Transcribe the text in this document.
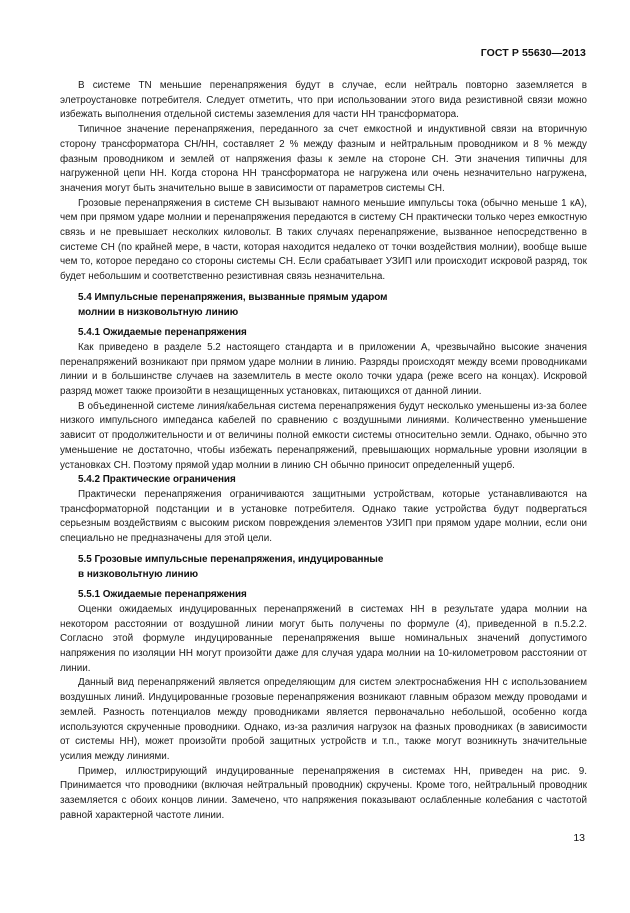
ГОСТ Р 55630—2013

В системе TN меньшие перенапряжения будут в случае, если нейтраль повторно заземляется в элетроустановке потребителя. Следует отметить, что при использовании этого вида резистивной связи можно избежать выполнения отдельной системы заземления для части НН трансформатора.

Типичное значение перенапряжения, переданного за счет емкостной и индуктивной связи на вторичную сторону трансформатора СН/НН, составляет 2 % между фазным и нейтральным проводником и 8 % между фазным проводником и землей от напряжения фазы к земле на стороне СН. Эти значения типичны для нагруженной цепи НН. Когда сторона НН трансформатора не нагружена или очень незначительно нагружена, значения могут быть значительно выше в зависимости от параметров системы СН.

Грозовые перенапряжения в системе СН вызывают намного меньшие импульсы тока (обычно меньше 1 кА), чем при прямом ударе молнии и перенапряжения передаются в систему СН практически только через емкостную связь и не превышает несколких киловольт. В таких случаях перенапряжение, вызванное непосредственно в системе СН (по крайней мере, в части, которая находится недалеко от точки воздействия молнии), вообще выше чем то, которое передано со стороны системы СН. Если срабатывает УЗИП или происходит искровой разряд, ток будет небольшим и соответственно резистивная связь незначительна.

5.4 Импульсные перенапряжения, вызванные прямым ударом
молнии в низковольтную линию
5.4.1 Ожидаемые перенапряжения

Как приведено в разделе 5.2 настоящего стандарта и в приложении А, чрезвычайно высокие значения перенапряжений возникают при прямом ударе молнии в линию. Разряды происходят между всеми проводниками линии и в большинстве случаев на заземлитель в месте около точки удара (реже всего на концах). Искровой разряд может также произойти в незащищенных установках, питающихся от данной линии.

В объединенной системе линия/кабельная система перенапряжения будут несколько уменьшены из-за более низкого импульсного импеданса кабелей по сравнению с воздушными линиями. Количественно уменьшение зависит от продолжительности и от величины полной емкости системы относительно земли. Однако, обычно это уменьшение не достаточно, чтобы избежать перенапряжений, превышающих нормальные уровни изоляции в установках СН. Поэтому прямой удар молнии в линию СН обычно приносит определенный ущерб.

5.4.2 Практические ограничения

Практически перенапряжения ограничиваются защитными устройствам, которые устанавливаются на трансформаторной подстанции и в установке потребителя. Однако такие устройства будут подвергаться серьезным воздействиям с высоким риском повреждения элементов УЗИП при прямом ударе молнии, если они специально не предназначены для этой цели.

5.5 Грозовые импульсные перенапряжения, индуцированные
в низковольтную линию
5.5.1 Ожидаемые перенапряжения

Оценки ожидаемых индуцированных перенапряжений в системах НН в результате удара молнии на некотором расстоянии от воздушной линии могут быть получены по формуле (4), приведенной в п.5.2.2. Согласно этой формуле индуцированные перенапряжения выше номинальных значений допустимого напряжения по изоляции НН могут произойти даже для случая удара молнии на 10-километровом расстоянии от линии.

Данный вид перенапряжений является определяющим для систем электроснабжения НН с использованием воздушных линий. Индуцированные грозовые перенапряжения возникают главным образом между проводами и землей. Разность потенциалов между проводниками является первоначально небольшой, особенно когда используются скрученные проводники. Однако, из-за различия нагрузок на фазных проводниках (в зависимости от системы НН), может произойти пробой защитных устройств и т.п., также могут возникнуть значительные усилия между линиями.

Пример, иллюстрирующий индуцированные перенапряжения в системах НН, приведен на рис. 9. Принимается что проводники (включая нейтральный проводник) скручены. Кроме того, нейтральный проводник заземляется с обоих концов линии. Замечено, что напряжения показывают ослабленные колебания с частотой равной характерной частоте линии.

13
